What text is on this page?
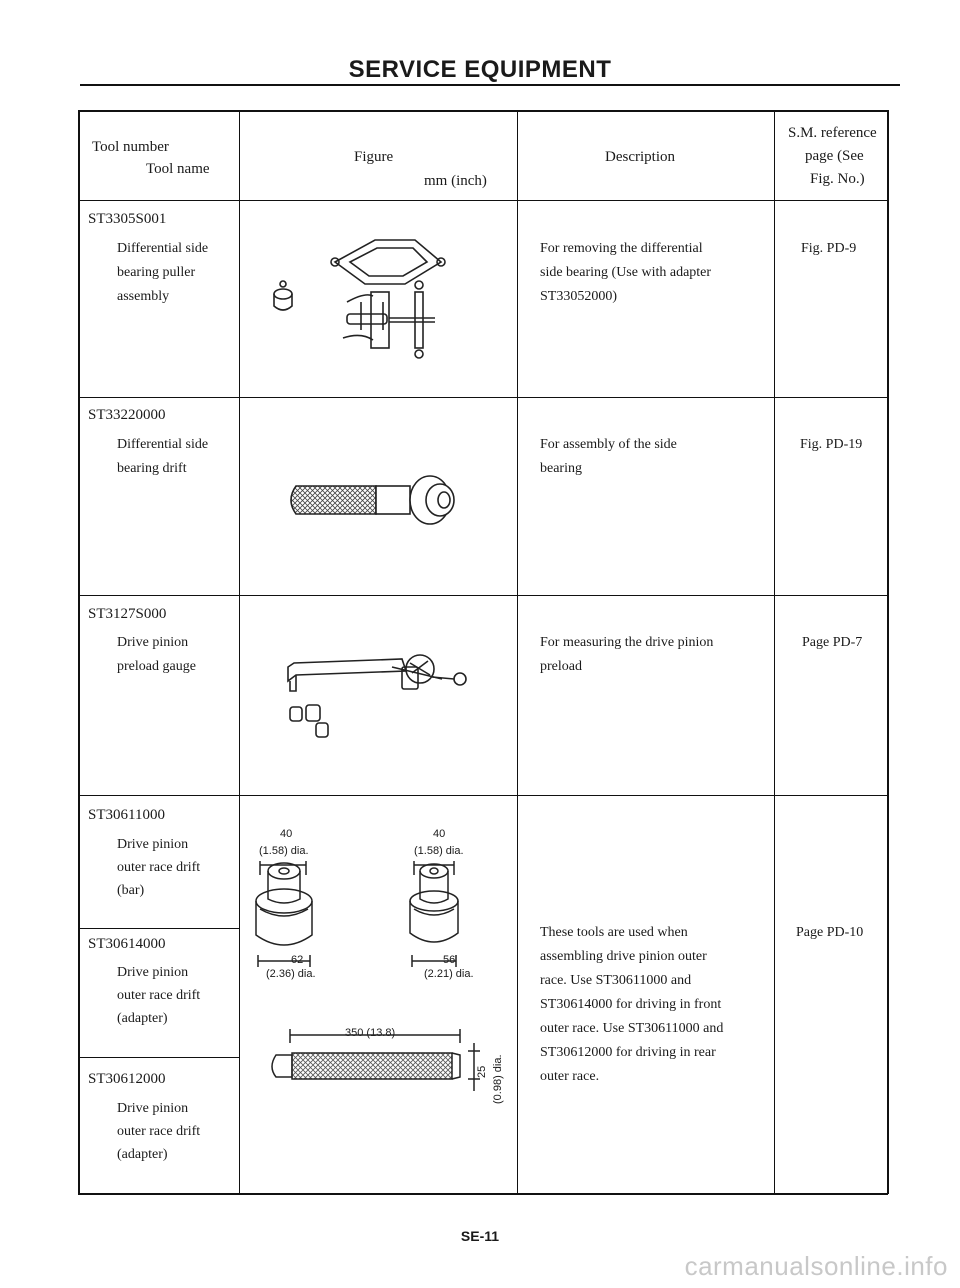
SERVICE EQUIPMENT
Tool number
Tool name
Figure
mm (inch)
Description
S.M. reference
page (See
Fig. No.)
ST3305S001
Differential side
bearing puller
assembly
For removing the differential
side bearing (Use with adapter
ST33052000)
Fig. PD-9
ST33220000
Differential side
bearing drift
For assembly of the side
bearing
Fig. PD-19
ST3127S000
Drive pinion
preload gauge
For measuring the drive pinion
preload
Page PD-7
ST30611000
Drive pinion
outer race drift
(bar)
ST30614000
Drive pinion
outer race drift
(adapter)
ST30612000
Drive pinion
outer race drift
(adapter)
These tools are used when
assembling drive pinion outer
race. Use ST30611000 and
ST30614000 for driving in front
outer race. Use ST30611000 and
ST30612000 for driving in rear
outer race.
Page PD-10
40
(1.58) dia.
40
(1.58) dia.
62
(2.36) dia.
56
(2.21) dia.
350 (13.8)
25 (0.98) dia.
SE-11
carmanualsonline.info
